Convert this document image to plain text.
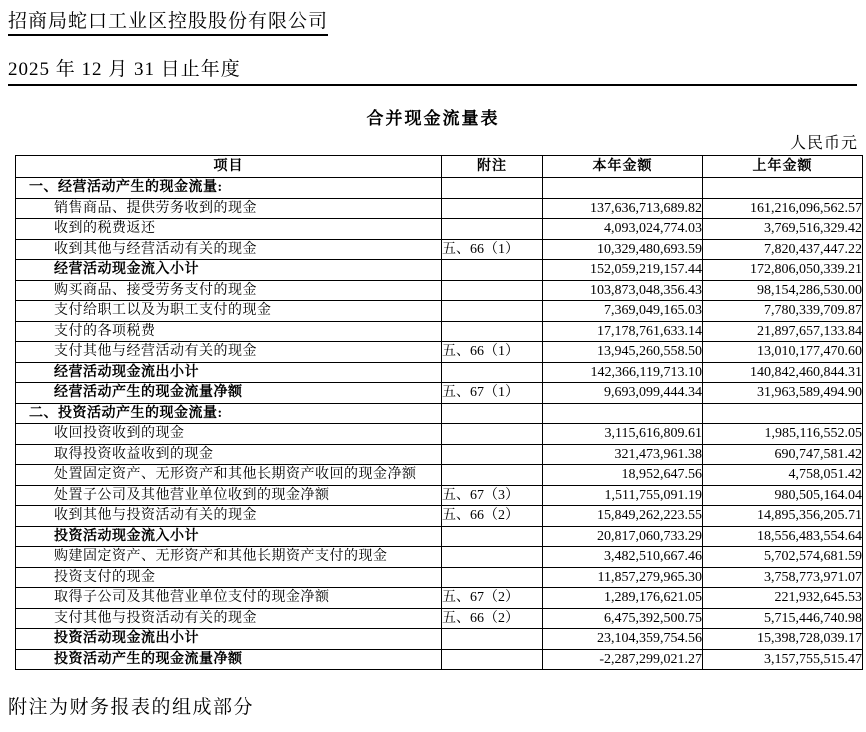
招商局蛇口工业区控股股份有限公司
2025 年 12 月 31 日止年度
合并现金流量表
人民币元
项目	附注	本年金额	上年金额
一、经营活动产生的现金流量:			
销售商品、提供劳务收到的现金		137,636,713,689.82	161,216,096,562.57
收到的税费返还		4,093,024,774.03	3,769,516,329.42
收到其他与经营活动有关的现金	五、66（1）	10,329,480,693.59	7,820,437,447.22
经营活动现金流入小计		152,059,219,157.44	172,806,050,339.21
购买商品、接受劳务支付的现金		103,873,048,356.43	98,154,286,530.00
支付给职工以及为职工支付的现金		7,369,049,165.03	7,780,339,709.87
支付的各项税费		17,178,761,633.14	21,897,657,133.84
支付其他与经营活动有关的现金	五、66（1）	13,945,260,558.50	13,010,177,470.60
经营活动现金流出小计		142,366,119,713.10	140,842,460,844.31
经营活动产生的现金流量净额	五、67（1）	9,693,099,444.34	31,963,589,494.90
二、投资活动产生的现金流量:			
收回投资收到的现金		3,115,616,809.61	1,985,116,552.05
取得投资收益收到的现金		321,473,961.38	690,747,581.42
处置固定资产、无形资产和其他长期资产收回的现金净额		18,952,647.56	4,758,051.42
处置子公司及其他营业单位收到的现金净额	五、67（3）	1,511,755,091.19	980,505,164.04
收到其他与投资活动有关的现金	五、66（2）	15,849,262,223.55	14,895,356,205.71
投资活动现金流入小计		20,817,060,733.29	18,556,483,554.64
购建固定资产、无形资产和其他长期资产支付的现金		3,482,510,667.46	5,702,574,681.59
投资支付的现金		11,857,279,965.30	3,758,773,971.07
取得子公司及其他营业单位支付的现金净额	五、67（2）	1,289,176,621.05	221,932,645.53
支付其他与投资活动有关的现金	五、66（2）	6,475,392,500.75	5,715,446,740.98
投资活动现金流出小计		23,104,359,754.56	15,398,728,039.17
投资活动产生的现金流量净额		-2,287,299,021.27	3,157,755,515.47
附注为财务报表的组成部分
